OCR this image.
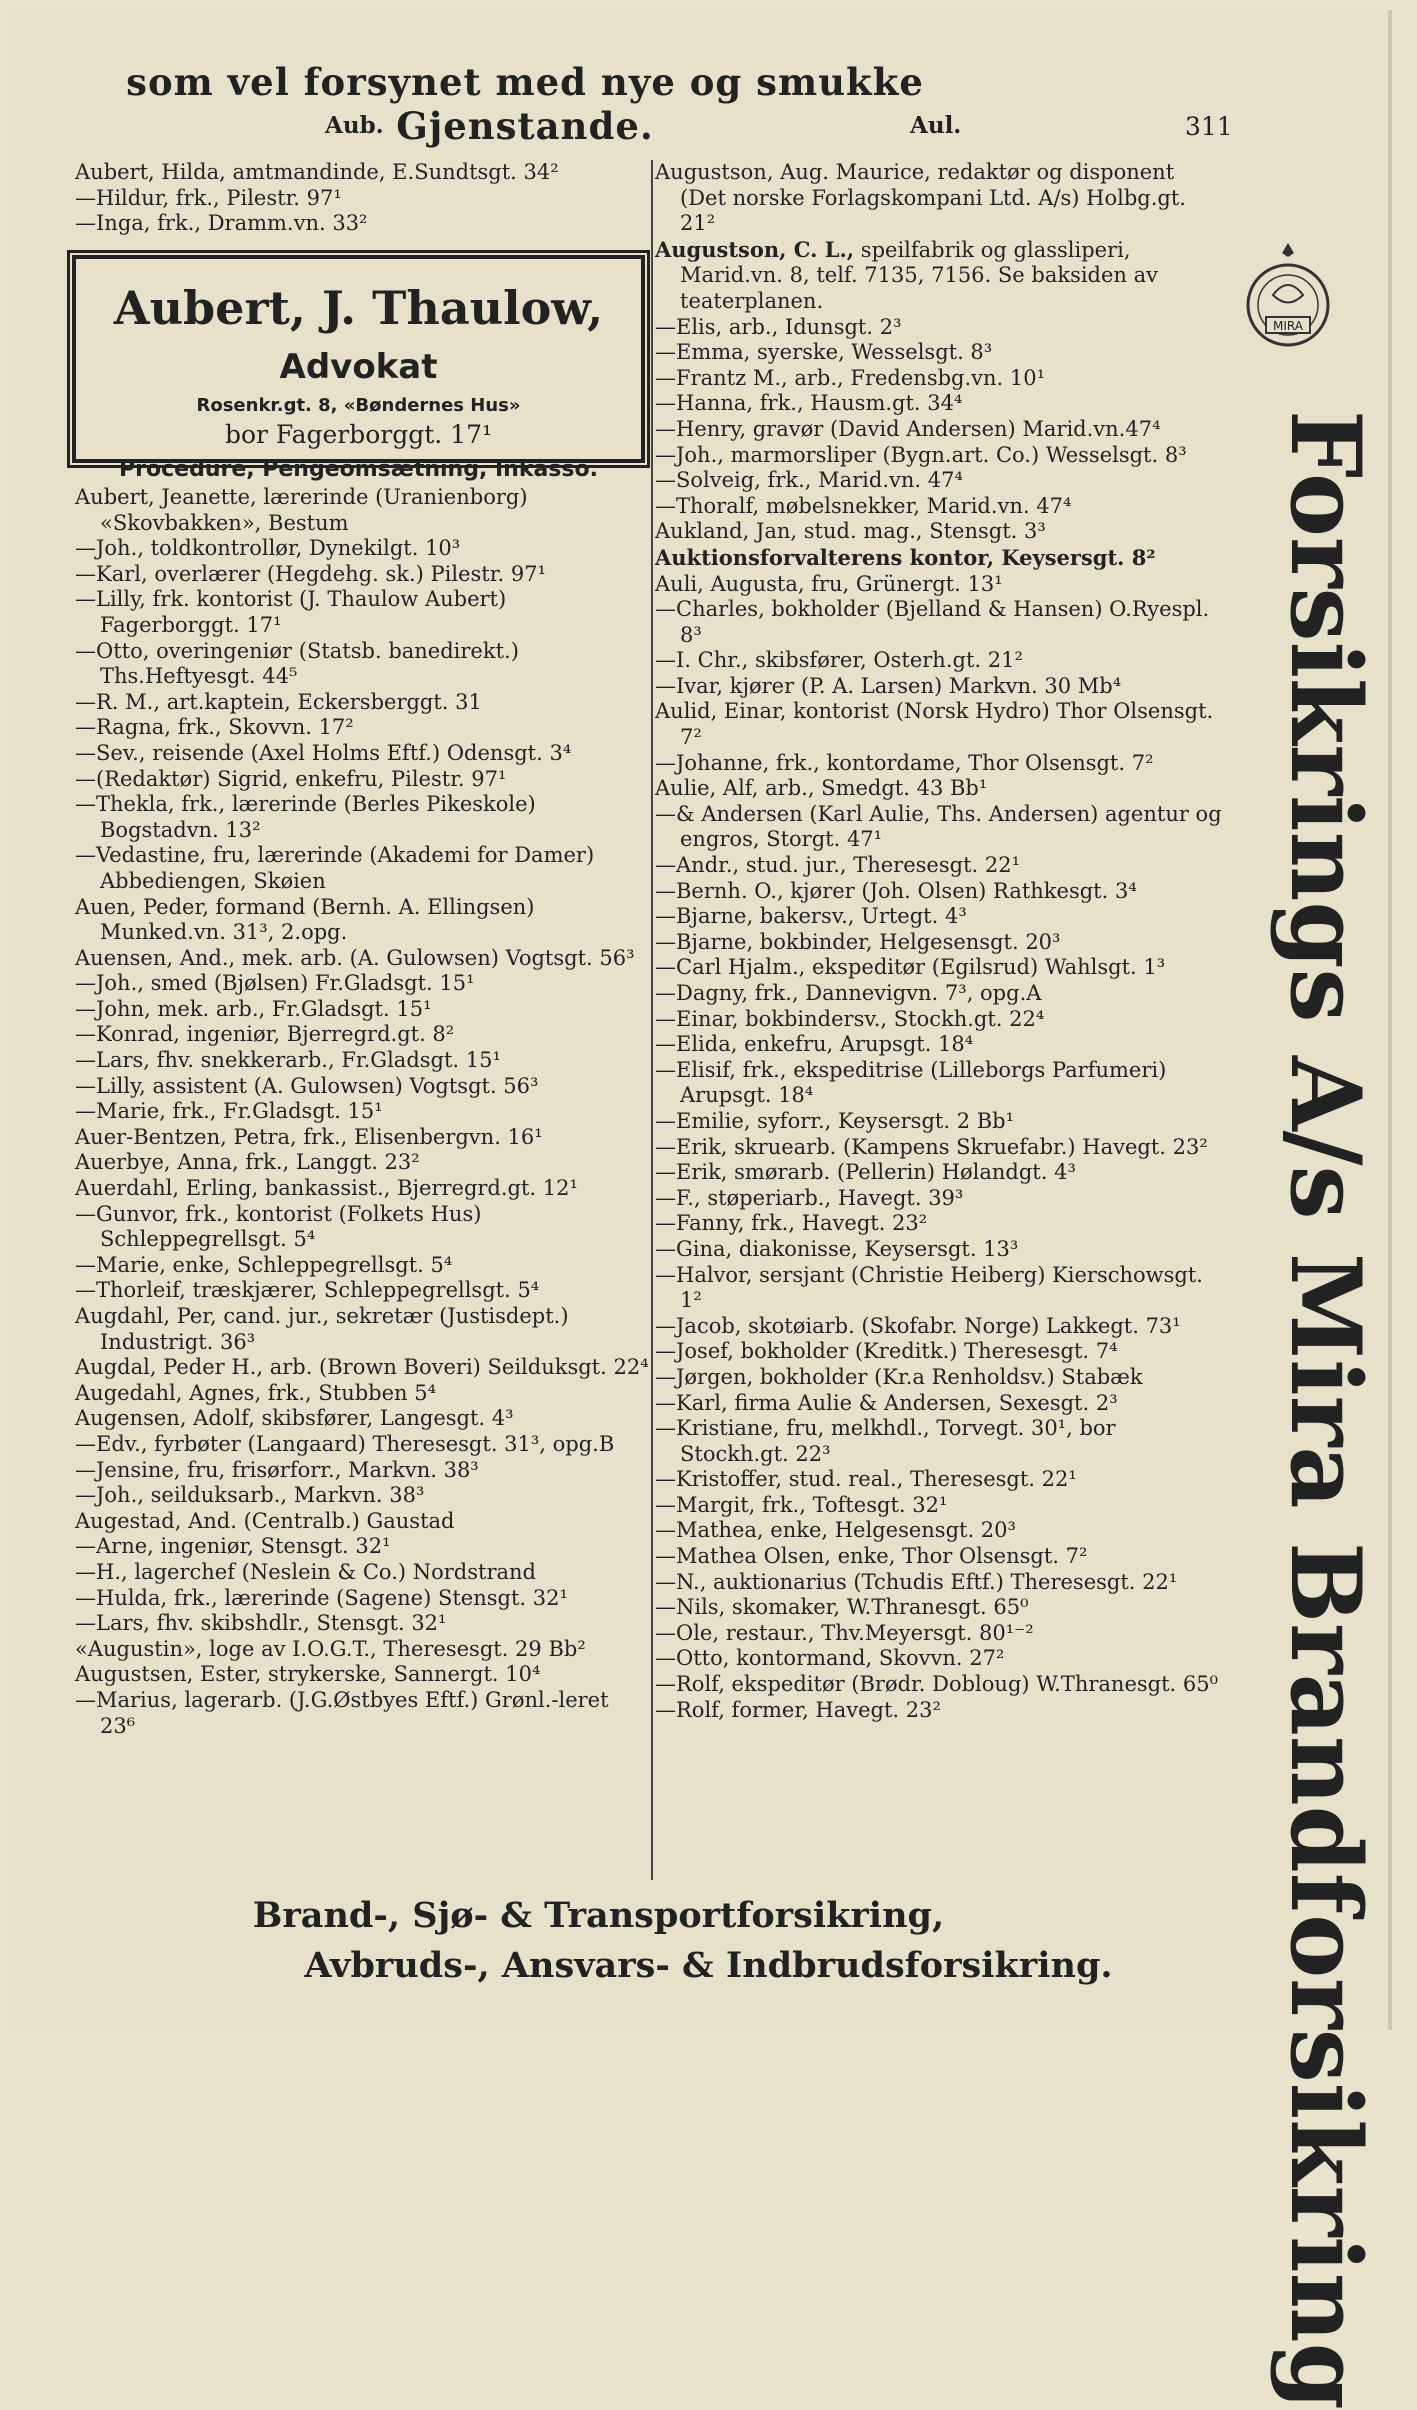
som vel forsynet med nye og smukke Gjenstande.
Aub.	Aul.	311

Aubert, Hilda, amtmandinde, E.Sundtsgt. 34²

—Hildur, frk., Pilestr. 97¹

—Inga, frk., Dramm.vn. 33²

Aubert, J. Thaulow, Advokat
Rosenkr.gt. 8, «Bøndernes Hus»
bor Fagerborggt. 17¹
Procedure, Pengeomsætning, Inkasso.

Aubert, Jeanette, lærerinde (Uranienborg) «Skovbakken», Bestum

—Joh., toldkontrollør, Dynekilgt. 10³

—Karl, overlærer (Hegdehg. sk.) Pilestr. 97¹

—Lilly, frk. kontorist (J. Thaulow Aubert) Fagerborggt. 17¹

—Otto, overingeniør (Statsb. banedirekt.) Ths.Heftyesgt. 44⁵

—R. M., art.kaptein, Eckersberggt. 31

—Ragna, frk., Skovvn. 17²

—Sev., reisende (Axel Holms Eftf.) Odensgt. 3⁴

—(Redaktør) Sigrid, enkefru, Pilestr. 97¹

—Thekla, frk., lærerinde (Berles Pikeskole) Bogstadvn. 13²

—Vedastine, fru, lærerinde (Akademi for Damer) Abbediengen, Skøien

Auen, Peder, formand (Bernh. A. Ellingsen) Munked.vn. 31³, 2.opg.

Auensen, And., mek. arb. (A. Gulowsen) Vogtsgt. 56³

—Joh., smed (Bjølsen) Fr.Gladsgt. 15¹

—John, mek. arb., Fr.Gladsgt. 15¹

—Konrad, ingeniør, Bjerregrd.gt. 8²

—Lars, fhv. snekkerarb., Fr.Gladsgt. 15¹

—Lilly, assistent (A. Gulowsen) Vogtsgt. 56³

—Marie, frk., Fr.Gladsgt. 15¹

Auer-Bentzen, Petra, frk., Elisenbergvn. 16¹

Auerbye, Anna, frk., Langgt. 23²

Auerdahl, Erling, bankassist., Bjerregrd.gt. 12¹

—Gunvor, frk., kontorist (Folkets Hus) Schleppegrellsgt. 5⁴

—Marie, enke, Schleppegrellsgt. 5⁴

—Thorleif, træskjærer, Schleppegrellsgt. 5⁴

Augdahl, Per, cand. jur., sekretær (Justisdept.) Industrigt. 36³

Augdal, Peder H., arb. (Brown Boveri) Seilduksgt. 22⁴

Augedahl, Agnes, frk., Stubben 5⁴

Augensen, Adolf, skibsfører, Langesgt. 4³

—Edv., fyrbøter (Langaard) Theresesgt. 31³, opg.B

—Jensine, fru, frisørforr., Markvn. 38³

—Joh., seilduksarb., Markvn. 38³

Augestad, And. (Centralb.) Gaustad

—Arne, ingeniør, Stensgt. 32¹

—H., lagerchef (Neslein & Co.) Nordstrand

—Hulda, frk., lærerinde (Sagene) Stensgt. 32¹

—Lars, fhv. skibshdlr., Stensgt. 32¹

«Augustin», loge av I.O.G.T., Theresesgt. 29 Bb²

Augustsen, Ester, strykerske, Sannergt. 10⁴

—Marius, lagerarb. (J.G.Østbyes Eftf.) Grønl.-leret 23⁶

Augustson, Aug. Maurice, redaktør og disponent (Det norske Forlagskompani Ltd. A/s) Holbg.gt. 21²

Augustson, C. L., speilfabrik og glassliperi, Marid.vn. 8, telf. 7135, 7156. Se baksiden av teaterplanen.

—Elis, arb., Idunsgt. 2³

—Emma, syerske, Wesselsgt. 8³

—Frantz M., arb., Fredensbg.vn. 10¹

—Hanna, frk., Hausm.gt. 34⁴

—Henry, gravør (David Andersen) Marid.vn.47⁴

—Joh., marmorsliper (Bygn.art. Co.) Wesselsgt. 8³

—Solveig, frk., Marid.vn. 47⁴

—Thoralf, møbelsnekker, Marid.vn. 47⁴

Aukland, Jan, stud. mag., Stensgt. 3³

Auktionsforvalterens kontor, Keysersgt. 8²

Auli, Augusta, fru, Grünergt. 13¹

—Charles, bokholder (Bjelland & Hansen) O.Ryespl. 8³

—I. Chr., skibsfører, Osterh.gt. 21²

—Ivar, kjører (P. A. Larsen) Markvn. 30 Mb⁴

Aulid, Einar, kontorist (Norsk Hydro) Thor Olsensgt. 7²

—Johanne, frk., kontordame, Thor Olsensgt. 7²

Aulie, Alf, arb., Smedgt. 43 Bb¹

—& Andersen (Karl Aulie, Ths. Andersen) agentur og engros, Storgt. 47¹

—Andr., stud. jur., Theresesgt. 22¹

—Bernh. O., kjører (Joh. Olsen) Rathkesgt. 3⁴

—Bjarne, bakersv., Urtegt. 4³

—Bjarne, bokbinder, Helgesensgt. 20³

—Carl Hjalm., ekspeditør (Egilsrud) Wahlsgt. 1³

—Dagny, frk., Dannevigvn. 7³, opg.A

—Einar, bokbindersv., Stockh.gt. 22⁴

—Elida, enkefru, Arupsgt. 18⁴

—Elisif, frk., ekspeditrise (Lilleborgs Parfumeri) Arupsgt. 18⁴

—Emilie, syforr., Keysersgt. 2 Bb¹

—Erik, skruearb. (Kampens Skruefabr.) Havegt. 23²

—Erik, smørarb. (Pellerin) Hølandgt. 4³

—F., støperiarb., Havegt. 39³

—Fanny, frk., Havegt. 23²

—Gina, diakonisse, Keysersgt. 13³

—Halvor, sersjant (Christie Heiberg) Kierschowsgt. 1²

—Jacob, skotøiarb. (Skofabr. Norge) Lakkegt. 73¹

—Josef, bokholder (Kreditk.) Theresesgt. 7⁴

—Jørgen, bokholder (Kr.a Renholdsv.) Stabæk

—Karl, firma Aulie & Andersen, Sexesgt. 2³

—Kristiane, fru, melkhdl., Torvegt. 30¹, bor Stockh.gt. 22³

—Kristoffer, stud. real., Theresesgt. 22¹

—Margit, frk., Toftesgt. 32¹

—Mathea, enke, Helgesensgt. 20³

—Mathea Olsen, enke, Thor Olsensgt. 7²

—N., auktionarius (Tchudis Eftf.) Theresesgt. 22¹

—Nils, skomaker, W.Thranesgt. 65⁰

—Ole, restaur., Thv.Meyersgt. 80¹⁻²

—Otto, kontormand, Skovvn. 27²

—Rolf, ekspeditør (Brødr. Dobloug) W.Thranesgt. 65⁰

—Rolf, former, Havegt. 23²

MIRA
Forsikrings A/s Mira Brandforsikring
Brand-, Sjø- & Transportforsikring,
Avbruds-, Ansvars- & Indbrudsforsikring.
